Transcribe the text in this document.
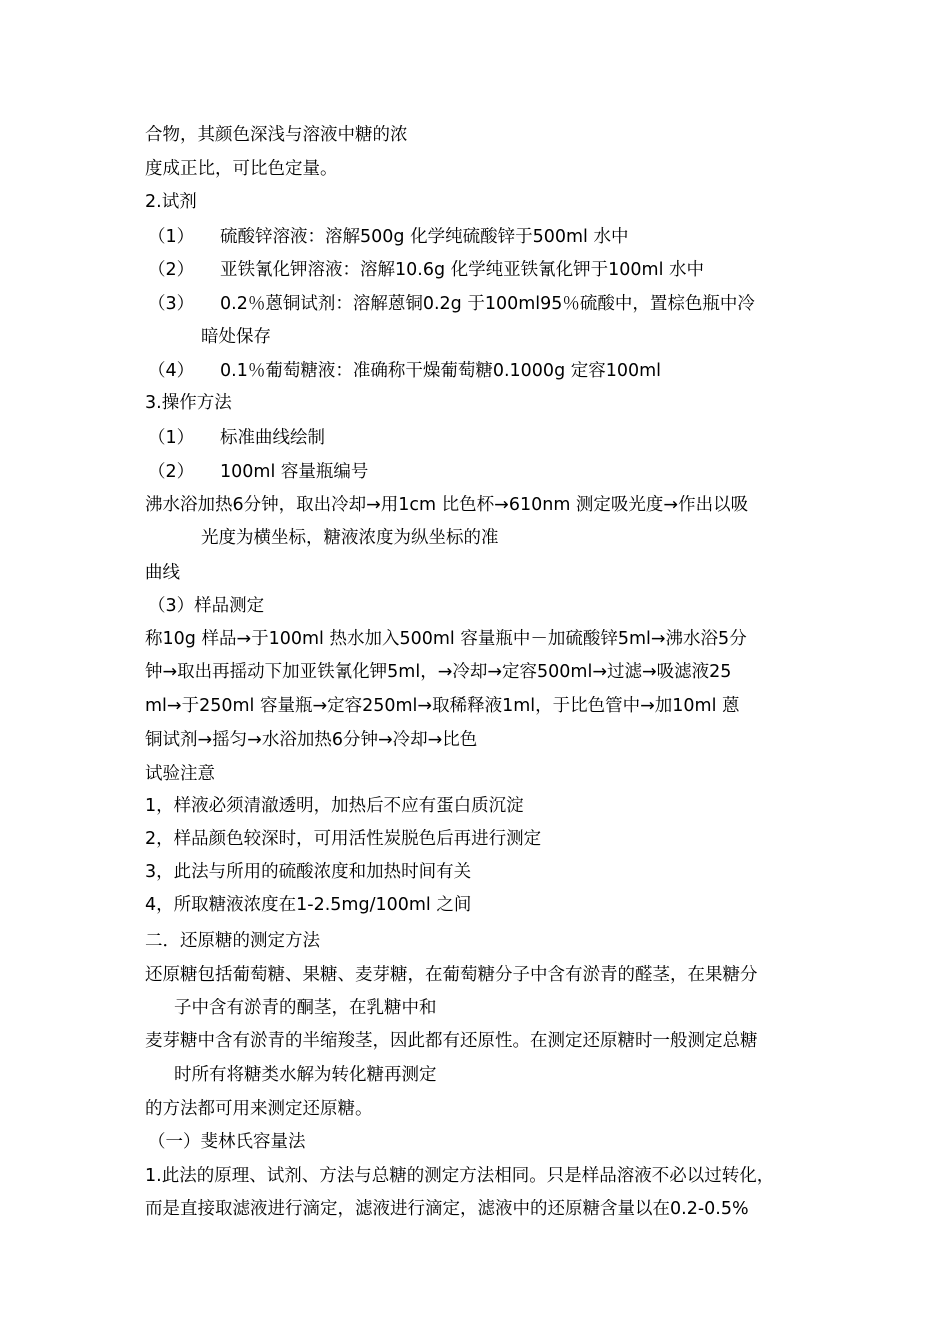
合物，其颜色深浅与溶液中糖的浓
度成正比，可比色定量。
2.试剂
（1） 硫酸锌溶液：溶解500g 化学纯硫酸锌于500ml 水中
（2） 亚铁氰化钾溶液：溶解10.6g 化学纯亚铁氰化钾于100ml 水中
（3） 0.2％蒽铜试剂：溶解蒽铜0.2g 于100ml95％硫酸中，置棕色瓶中冷
暗处保存
（4） 0.1％葡萄糖液：准确称干燥葡萄糖0.1000g 定容100ml
3.操作方法
（1） 标准曲线绘制
（2） 100ml 容量瓶编号
沸水浴加热6分钟，取出冷却→用1cm 比色杯→610nm 测定吸光度→作出以吸
光度为横坐标，糖液浓度为纵坐标的准
曲线
（3）样品测定
称10g 样品→于100ml 热水加入500ml 容量瓶中－加硫酸锌5ml→沸水浴5分
钟→取出再摇动下加亚铁氰化钾5ml，→冷却→定容500ml→过滤→吸滤液25
ml→于250ml 容量瓶→定容250ml→取稀释液1ml，于比色管中→加10ml 蒽
铜试剂→摇匀→水浴加热6分钟→冷却→比色
试验注意
1，样液必须清澈透明，加热后不应有蛋白质沉淀
2，样品颜色较深时，可用活性炭脱色后再进行测定
3，此法与所用的硫酸浓度和加热时间有关
4，所取糖液浓度在1-2.5mg/100ml 之间
二．还原糖的测定方法
还原糖包括葡萄糖、果糖、麦芽糖，在葡萄糖分子中含有淤青的醛茎，在果糖分
子中含有淤青的酮茎，在乳糖中和
麦芽糖中含有淤青的半缩羧茎，因此都有还原性。在测定还原糖时一般测定总糖
时所有将糖类水解为转化糖再测定
的方法都可用来测定还原糖。
（一）斐林氏容量法
1.此法的原理、试剂、方法与总糖的测定方法相同。只是样品溶液不必以过转化，
而是直接取滤液进行滴定，滤液进行滴定，滤液中的还原糖含量以在0.2-0.5%
